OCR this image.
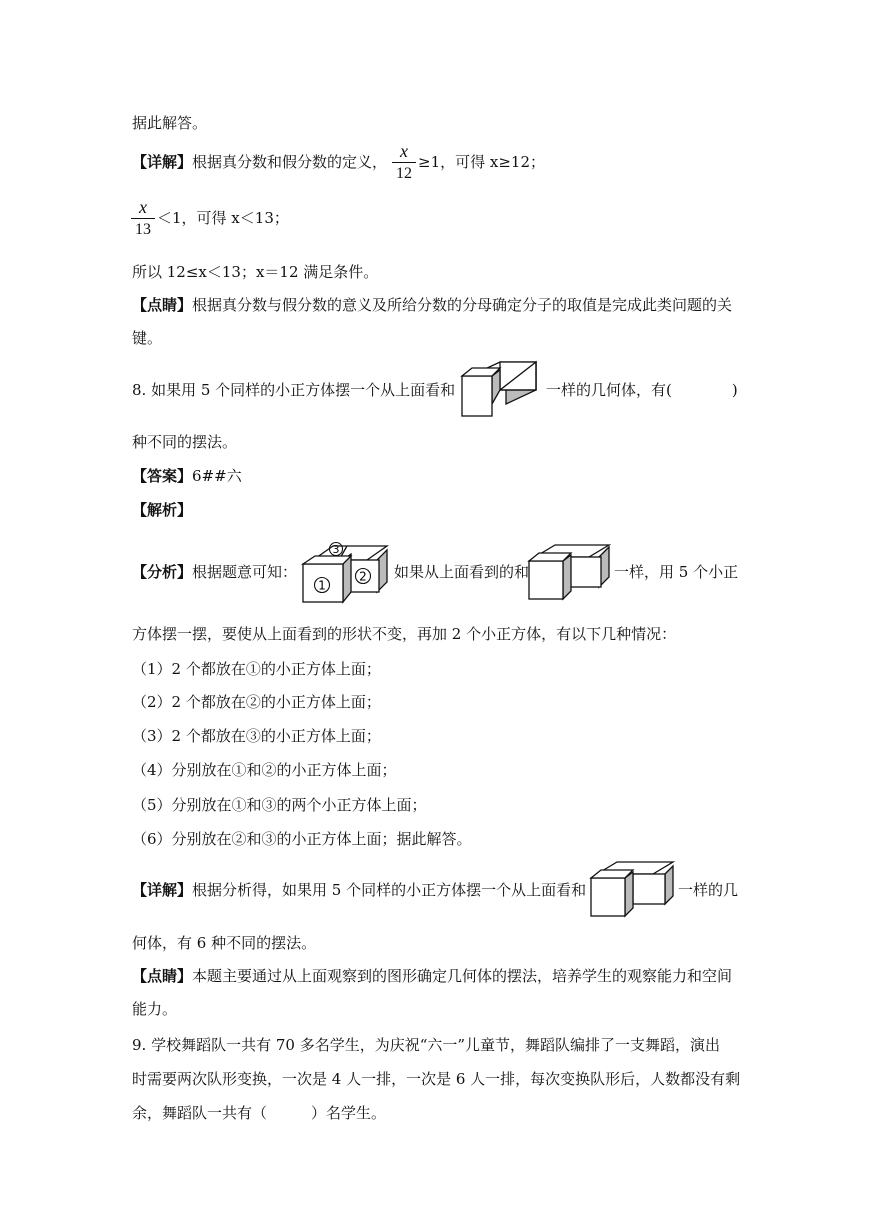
据此解答。
【详解】根据真分数和假分数的定义，
x
12
≥1，可得 x≥12；
x
13
＜1，可得 x＜13；
所以 12≤x＜13；x＝12 满足条件。
【点睛】根据真分数与假分数的意义及所给分数的分母确定分子的取值是完成此类问题的关
键。
8. 如果用 5 个同样的小正方体摆一个从上面看和	一样的几何体，有(	)
种不同的摆法。
【答案】6##六
【解析】
【分析】根据题意可知：
1
2
3
如果从上面看到的和	一样，用 5 个小正
方体摆一摆，要使从上面看到的形状不变，再加 2 个小正方体，有以下几种情况：
（1）2 个都放在①的小正方体上面；
（2）2 个都放在②的小正方体上面；
（3）2 个都放在③的小正方体上面；
（4）分别放在①和②的小正方体上面；
（5）分别放在①和③的两个小正方体上面；
（6）分别放在②和③的小正方体上面；据此解答。
【详解】根据分析得，如果用 5 个同样的小正方体摆一个从上面看和	一样的几
何体，有 6 种不同的摆法。
【点睛】本题主要通过从上面观察到的图形确定几何体的摆法，培养学生的观察能力和空间
能力。
9. 学校舞蹈队一共有 70 多名学生，为庆祝“六一”儿童节，舞蹈队编排了一支舞蹈，演出
时需要两次队形变换，一次是 4 人一排，一次是 6 人一排，每次变换队形后，人数都没有剩
余，舞蹈队一共有（	）名学生。
